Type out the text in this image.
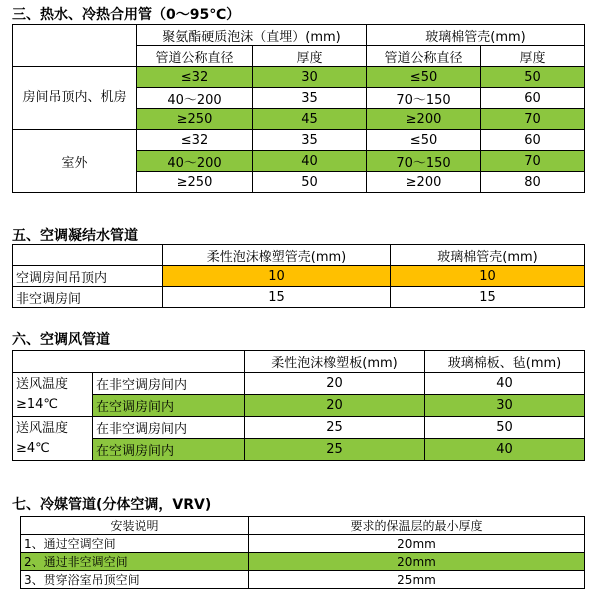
三、热水、冷热合用管（0～95℃）
	聚氨酯硬质泡沫（直埋）(mm)		玻璃棉管壳(mm)	
	管道公称直径	厚度	管道公称直径	厚度
房间吊顶内、机房	≤32	30	≤50	50
	40～200	35	70～150	60
	≥250	45	≥200	70
室外	≤32	35	≤50	60
	40～200	40	70～150	70
	≥250	50	≥200	80
五、空调凝结水管道
	柔性泡沫橡塑管壳(mm)	玻璃棉管壳(mm)
空调房间吊顶内	10	10
非空调房间	15	15
六、空调风管道
		柔性泡沫橡塑板(mm)	玻璃棉板、毡(mm)
送风温度≥14℃	在非空调房间内	20	40
	在空调房间内	20	30
送风温度≥4℃	在非空调房间内	25	50
	在空调房间内	25	40
七、冷媒管道(分体空调，VRV)
安装说明	要求的保温层的最小厚度
1、通过空调空间	20mm
2、通过非空调空间	20mm
3、贯穿浴室吊顶空间	25mm
